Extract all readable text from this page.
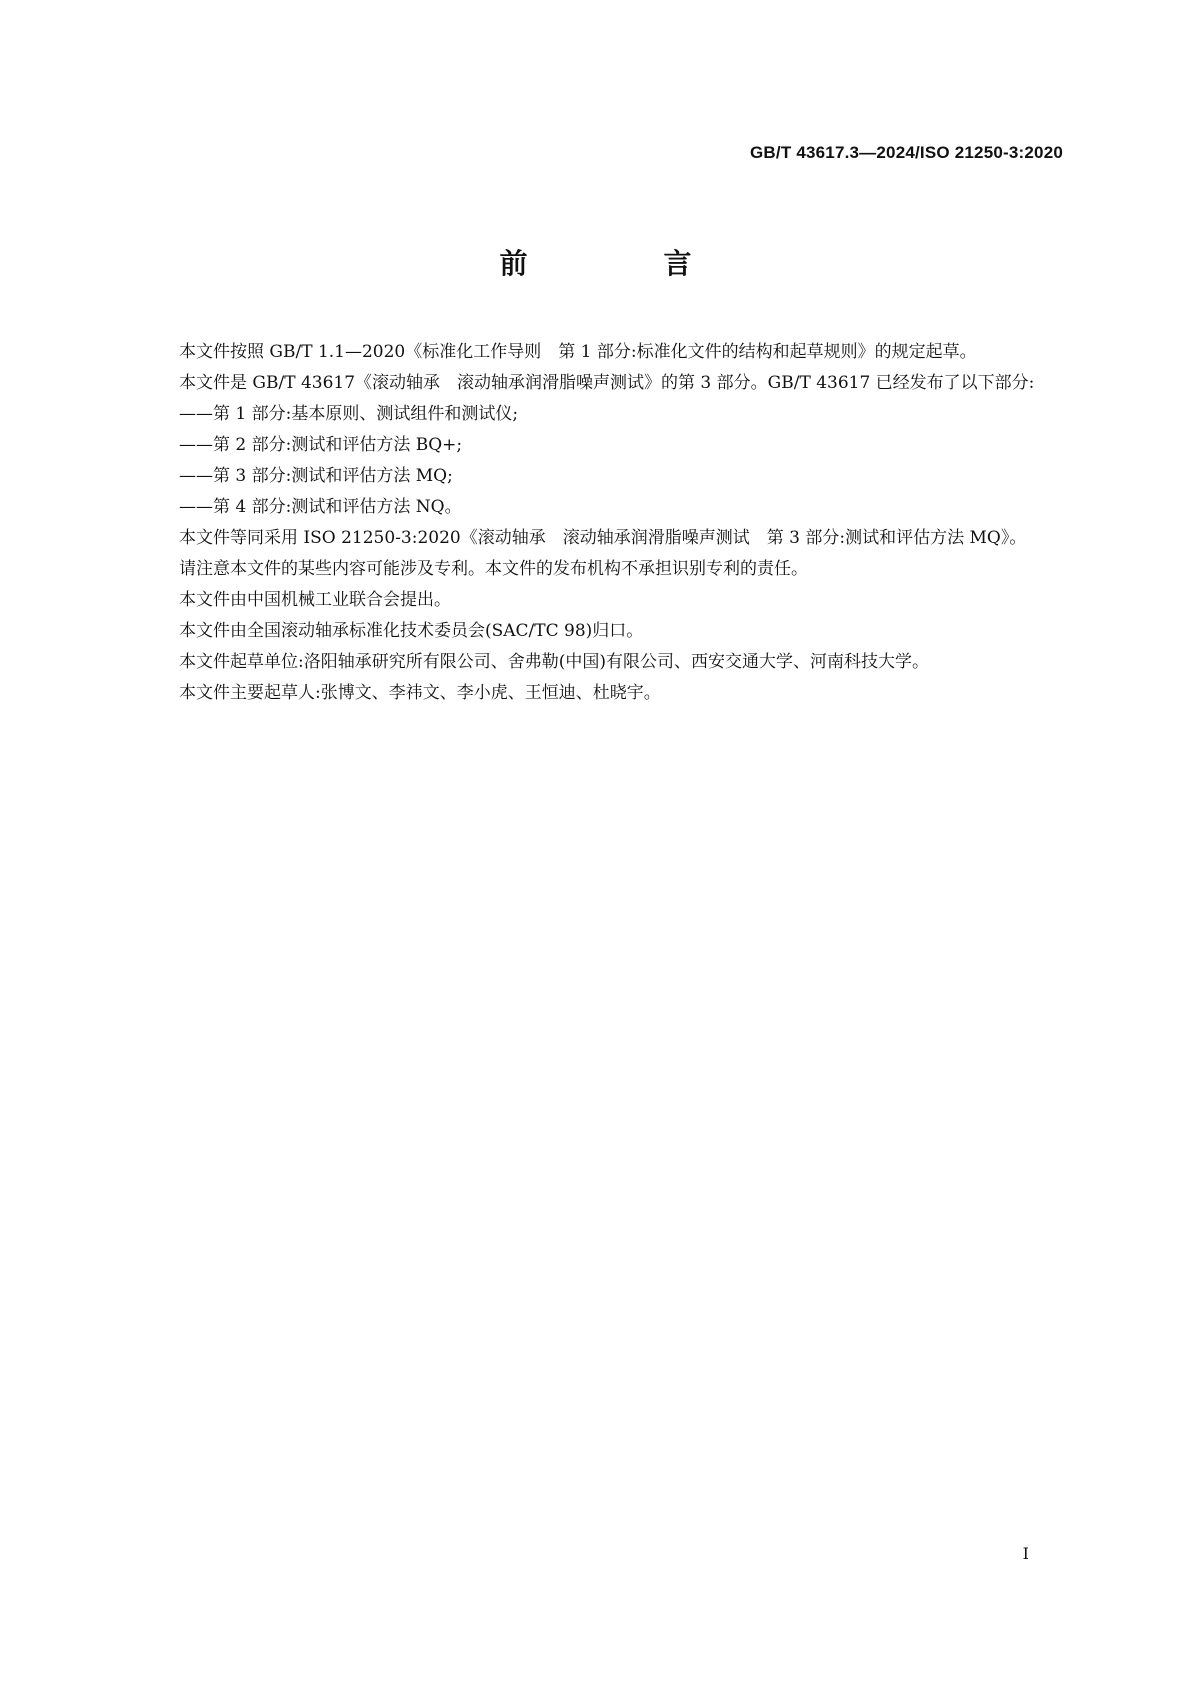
GB/T 43617.3—2024/ISO 21250-3:2020
前　言

本文件按照 GB/T 1.1—2020《标准化工作导则　第 1 部分:标准化文件的结构和起草规则》的规定起草。

本文件是 GB/T 43617《滚动轴承　滚动轴承润滑脂噪声测试》的第 3 部分。GB/T 43617 已经发布了以下部分:

——第 1 部分:基本原则、测试组件和测试仪;

——第 2 部分:测试和评估方法 BQ+;

——第 3 部分:测试和评估方法 MQ;

——第 4 部分:测试和评估方法 NQ。

本文件等同采用 ISO 21250-3:2020《滚动轴承　滚动轴承润滑脂噪声测试　第 3 部分:测试和评估方法 MQ》。

请注意本文件的某些内容可能涉及专利。本文件的发布机构不承担识别专利的责任。

本文件由中国机械工业联合会提出。

本文件由全国滚动轴承标准化技术委员会(SAC/TC 98)归口。

本文件起草单位:洛阳轴承研究所有限公司、舍弗勒(中国)有限公司、西安交通大学、河南科技大学。

本文件主要起草人:张博文、李祎文、李小虎、王恒迪、杜晓宇。

I
